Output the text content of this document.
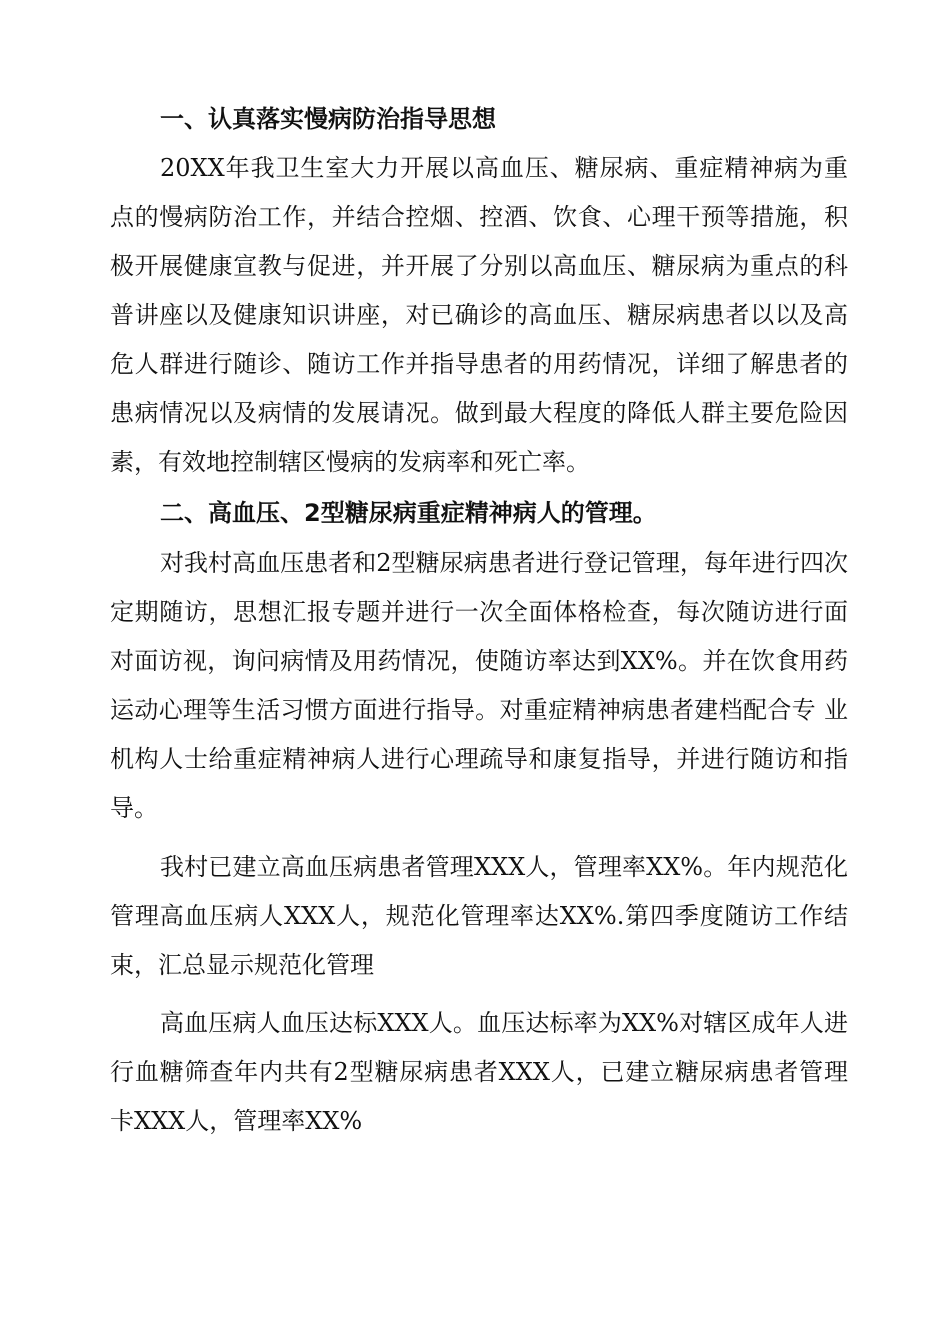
一、认真落实慢病防治指导思想

20XX年我卫生室大力开展以高血压、糖尿病、重症精神病为重点的慢病防治工作，并结合控烟、控酒、饮食、心理干预等措施，积极开展健康宣教与促进，并开展了分别以高血压、糖尿病为重点的科普讲座以及健康知识讲座，对已确诊的高血压、糖尿病患者以以及高危人群进行随诊、随访工作并指导患者的用药情况，详细了解患者的患病情况以及病情的发展请况。做到最大程度的降低人群主要危险因素，有效地控制辖区慢病的发病率和死亡率。

二、高血压、2型糖尿病重症精神病人的管理。

对我村高血压患者和2型糖尿病患者进行登记管理，每年进行四次定期随访，思想汇报专题并进行一次全面体格检查，每次随访进行面对面访视，询问病情及用药情况，使随访率达到XX%。并在饮食用药运动心理等生活习惯方面进行指导。对重症精神病患者建档配合专 业机构人士给重症精神病人进行心理疏导和康复指导，并进行随访和指导。

我村已建立高血压病患者管理XXX人，管理率XX%。年内规范化管理高血压病人XXX人，规范化管理率达XX%.第四季度随访工作结束，汇总显示规范化管理

高血压病人血压达标XXX人。血压达标率为XX%对辖区成年人进行血糖筛查年内共有2型糖尿病患者XXX人，已建立糖尿病患者管理卡XXX人，管理率XX%
